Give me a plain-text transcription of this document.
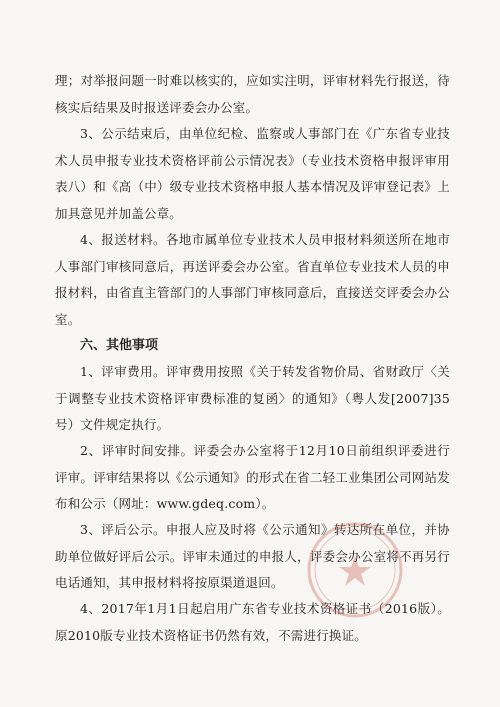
理；对举报问题一时难以核实的，应如实注明，评审材料先行报送，待核实后结果及时报送评委会办公室。

3、公示结束后，由单位纪检、监察或人事部门在《广东省专业技术人员申报专业技术资格评前公示情况表》（专业技术资格申报评审用表八）和《高（中）级专业技术资格申报人基本情况及评审登记表》上加具意见并加盖公章。

4、报送材料。各地市属单位专业技术人员申报材料须送所在地市人事部门审核同意后，再送评委会办公室。省直单位专业技术人员的申报材料，由省直主管部门的人事部门审核同意后，直接送交评委会办公室。

六、其他事项

1、评审费用。评审费用按照《关于转发省物价局、省财政厅〈关于调整专业技术资格评审费标准的复函〉的通知》（粤人发[2007]35号）文件规定执行。

2、评审时间安排。评委会办公室将于12月10日前组织评委进行评审。评审结果将以《公示通知》的形式在省二轻工业集团公司网站发布和公示（网址：www.gdeq.com）。

3、评后公示。申报人应及时将《公示通知》转达所在单位，并协助单位做好评后公示。评审未通过的申报人，评委会办公室将不再另行电话通知，其申报材料将按原渠道退回。

4、2017年1月1日起启用广东省专业技术资格证书（2016版）。原2010版专业技术资格证书仍然有效，不需进行换证。
